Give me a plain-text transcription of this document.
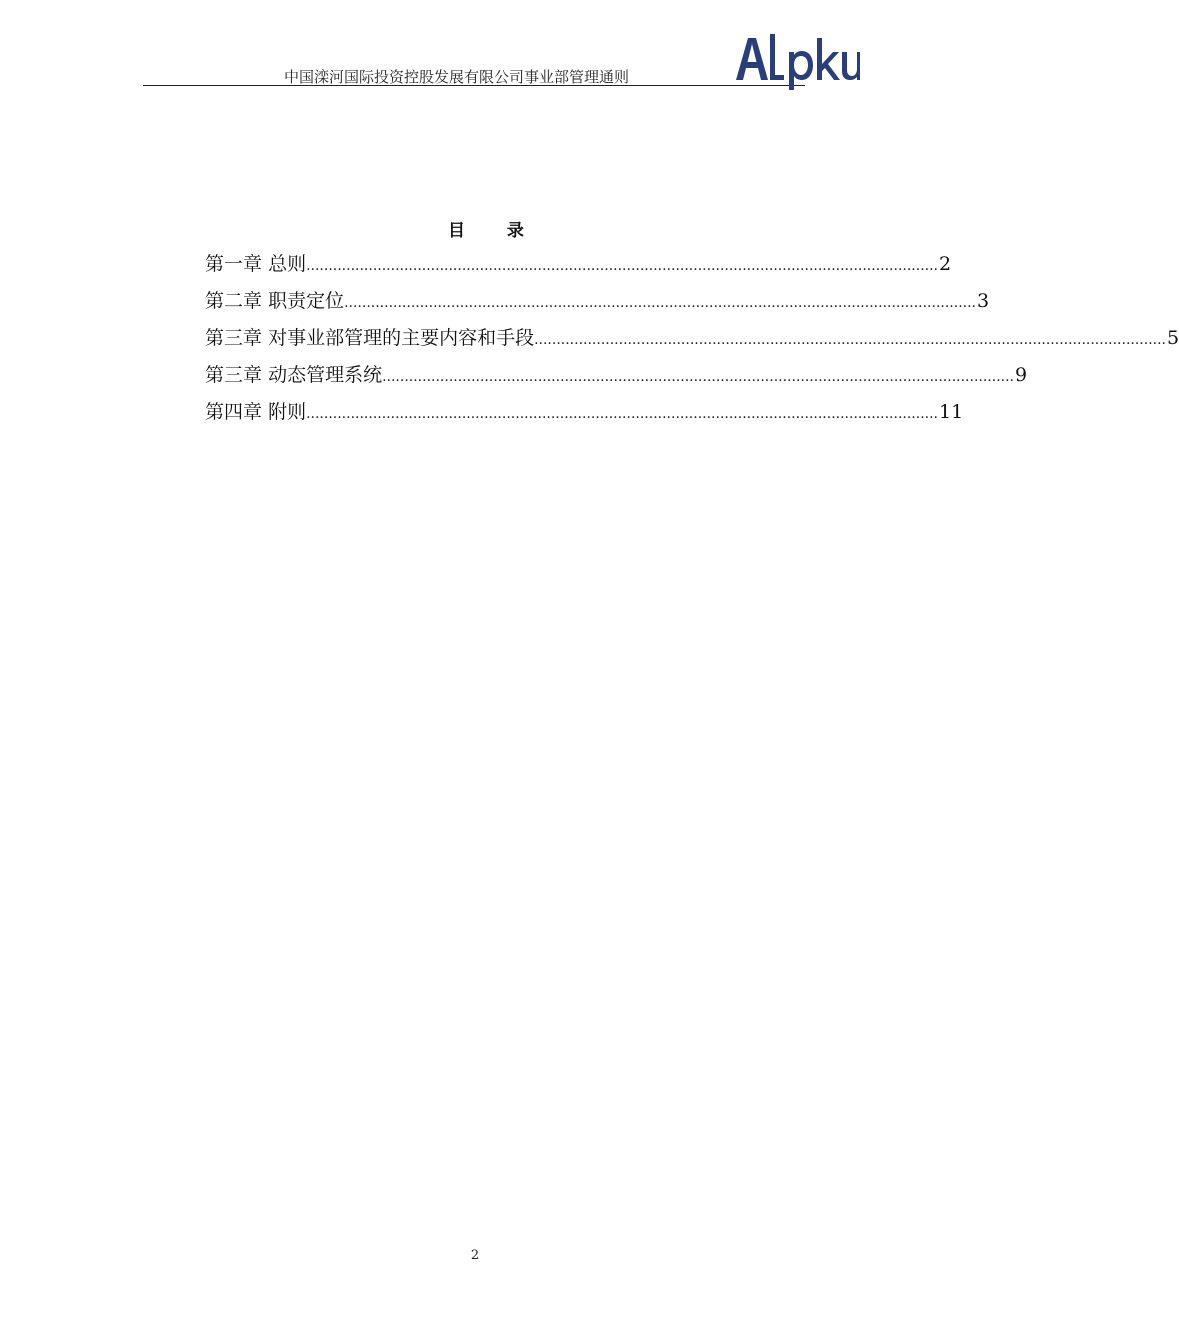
中国滦河国际投资控股发展有限公司事业部管理通则
目 录
第一章 总则 .............................................................................................................................................. 2
第二章 职责定位 .............................................................................................................................................. 3
第三章 对事业部管理的主要内容和手段 .............................................................................................................................................. 5
第三章 动态管理系统 .............................................................................................................................................. 9
第四章 附则 .............................................................................................................................................. 11
2
